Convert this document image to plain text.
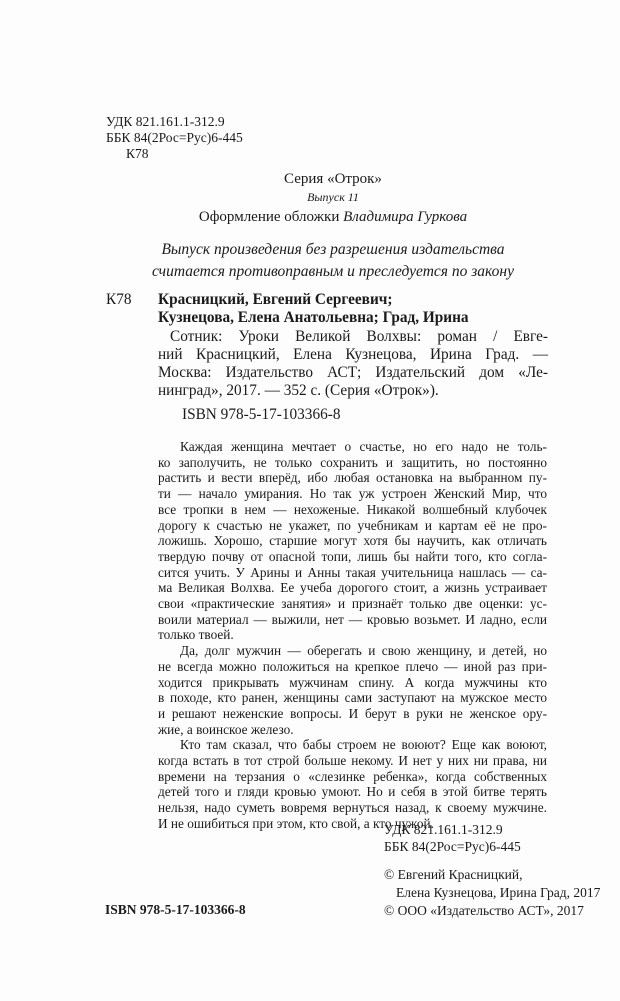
УДК 821.161.1-312.9
ББК 84(2Рос=Рус)6-445
К78
Серия «Отрок»
Выпуск 11
Оформление обложки Владимира Гуркова
Выпуск произведения без разрешения издательства
считается противоправным и преследуется по закону
К78 Красницкий, Евгений Сергеевич;
Кузнецова, Елена Анатольевна; Град, Ирина
Сотник: Уроки Великой Волхвы: роман / Евге-
ний Красницкий, Елена Кузнецова, Ирина Град. —
Москва: Издательство АСТ; Издательский дом «Ле-
нинград», 2017. — 352 с. (Серия «Отрок»).
ISBN 978-5-17-103366-8
Каждая женщина мечтает о счастье, но его надо не толь-
ко заполучить, не только сохранить и защитить, но постоянно
растить и вести вперёд, ибо любая остановка на выбранном пу-
ти — начало умирания. Но так уж устроен Женский Мир, что
все тропки в нем — нехоженые. Никакой волшебный клубочек
дорогу к счастью не укажет, по учебникам и картам её не про-
ложишь. Хорошо, старшие могут хотя бы научить, как отличать
твердую почву от опасной топи, лишь бы найти того, кто согла-
сится учить. У Арины и Анны такая учительница нашлась — са-
ма Великая Волхва. Ее учеба дорогого стоит, а жизнь устраивает
свои «практические занятия» и признаёт только две оценки: ус-
воили материал — выжили, нет — кровью возьмет. И ладно, если
только твоей.
Да, долг мужчин — оберегать и свою женщину, и детей, но
не всегда можно положиться на крепкое плечо — иной раз при-
ходится прикрывать мужчинам спину. А когда мужчины кто
в походе, кто ранен, женщины сами заступают на мужское место
и решают неженские вопросы. И берут в руки не женское ору-
жие, а воинское железо.
Кто там сказал, что бабы строем не воюют? Еще как воюют,
когда встать в тот строй больше некому. И нет у них ни права, ни
времени на терзания о «слезинке ребенка», когда собственных
детей того и гляди кровью умоют. Но и себя в этой битве терять
нельзя, надо суметь вовремя вернуться назад, к своему мужчине.
И не ошибиться при этом, кто свой, а кто чужой.
УДК 821.161.1-312.9
ББК 84(2Рос=Рус)6-445
© Евгений Красницкий,
Елена Кузнецова, Ирина Град, 2017
© ООО «Издательство АСТ», 2017
ISBN 978-5-17-103366-8
